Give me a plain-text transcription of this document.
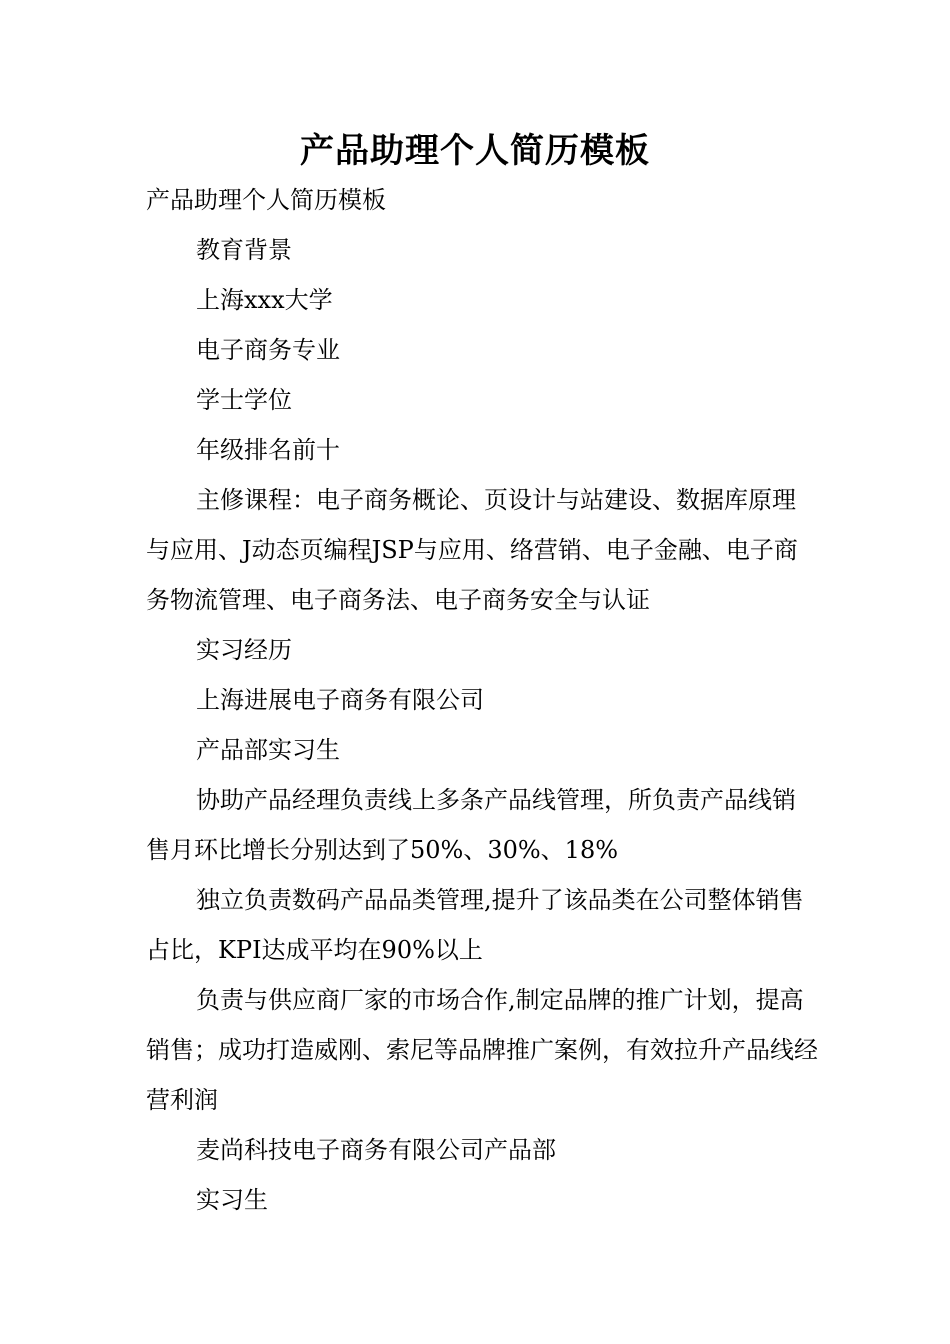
产品助理个人简历模板

产品助理个人简历模板

教育背景

上海xxx大学

电子商务专业

学士学位

年级排名前十

主修课程：电子商务概论、页设计与站建设、数据库原理与应用、J动态页编程JSP与应用、络营销、电子金融、电子商务物流管理、电子商务法、电子商务安全与认证

实习经历

上海进展电子商务有限公司

产品部实习生

协助产品经理负责线上多条产品线管理，所负责产品线销售月环比增长分别达到了50%、30%、18%

独立负责数码产品品类管理,提升了该品类在公司整体销售占比，KPI达成平均在90%以上

负责与供应商厂家的市场合作,制定品牌的推广计划，提高销售；成功打造威刚、索尼等品牌推广案例，有效拉升产品线经营利润

麦尚科技电子商务有限公司产品部

实习生
